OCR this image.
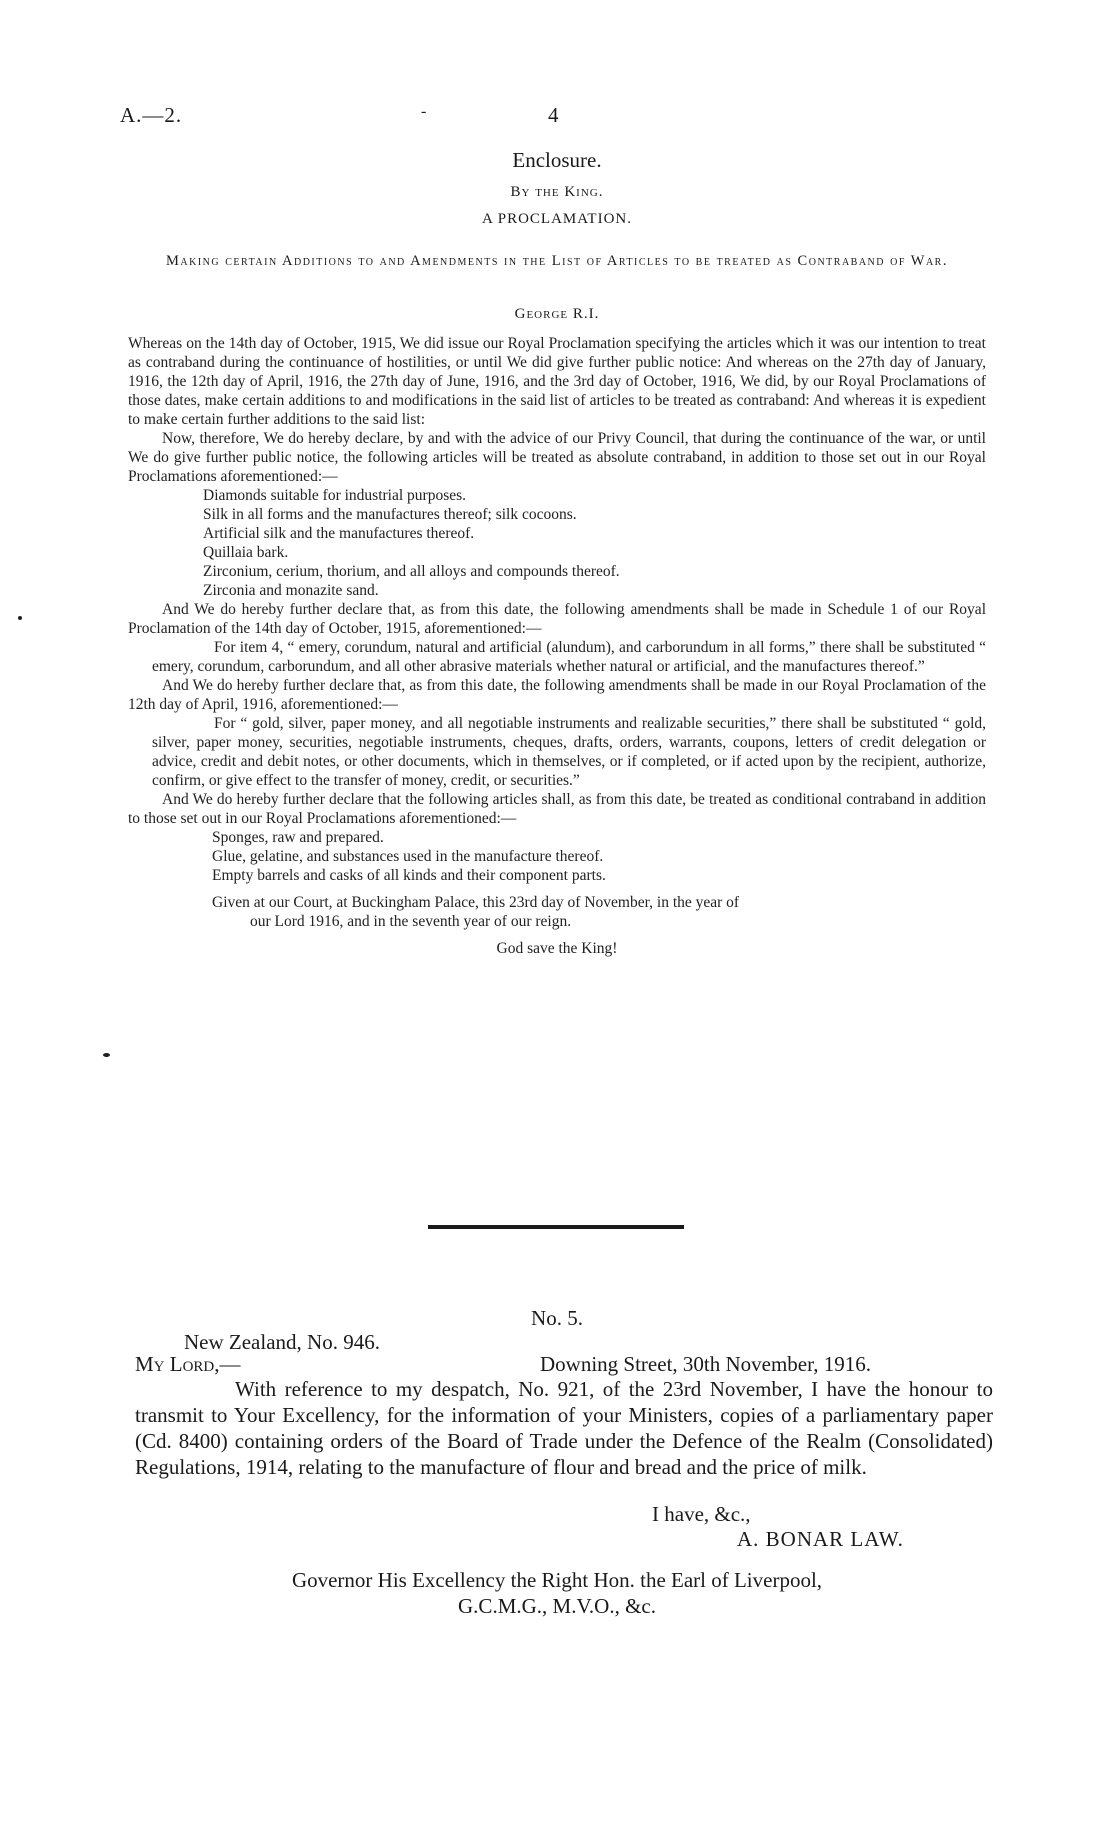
A.—2.	-	4
Enclosure.
By the King.
A PROCLAMATION.
Making certain Additions to and Amendments in the List of Articles to be treated as Contraband of War.
George R.I.

Whereas on the 14th day of October, 1915, We did issue our Royal Proclamation specifying the articles which it was our intention to treat as contraband during the continuance of hostilities, or until We did give further public notice: And whereas on the 27th day of January, 1916, the 12th day of April, 1916, the 27th day of June, 1916, and the 3rd day of October, 1916, We did, by our Royal Proclamations of those dates, make certain additions to and modifications in the said list of articles to be treated as contraband: And whereas it is expedient to make certain further additions to the said list:

Now, therefore, We do hereby declare, by and with the advice of our Privy Council, that during the continuance of the war, or until We do give further public notice, the following articles will be treated as absolute contraband, in addition to those set out in our Royal Proclamations aforementioned:—

Diamonds suitable for industrial purposes.
Silk in all forms and the manufactures thereof; silk cocoons.
Artificial silk and the manufactures thereof.
Quillaia bark.
Zirconium, cerium, thorium, and all alloys and compounds thereof.
Zirconia and monazite sand.

And We do hereby further declare that, as from this date, the following amendments shall be made in Schedule 1 of our Royal Proclamation of the 14th day of October, 1915, aforementioned:—

For item 4, “ emery, corundum, natural and artificial (alundum), and carborundum in all forms,” there shall be substituted “ emery, corundum, carborundum, and all other abrasive materials whether natural or artificial, and the manufactures thereof.”

And We do hereby further declare that, as from this date, the following amendments shall be made in our Royal Proclamation of the 12th day of April, 1916, aforementioned:—

For “ gold, silver, paper money, and all negotiable instruments and realizable securities,” there shall be substituted “ gold, silver, paper money, securities, negotiable instruments, cheques, drafts, orders, warrants, coupons, letters of credit delegation or advice, credit and debit notes, or other documents, which in themselves, or if completed, or if acted upon by the recipient, authorize, confirm, or give effect to the transfer of money, credit, or securities.”

And We do hereby further declare that the following articles shall, as from this date, be treated as conditional contraband in addition to those set out in our Royal Proclamations aforementioned:—

Sponges, raw and prepared.
Glue, gelatine, and substances used in the manufacture thereof.
Empty barrels and casks of all kinds and their component parts.

Given at our Court, at Buckingham Palace, this 23rd day of November, in the year of
our Lord 1916, and in the seventh year of our reign.

God save the King!
No. 5.
New Zealand, No. 946.
My Lord,—	Downing Street, 30th November, 1916.

With reference to my despatch, No. 921, of the 23rd November, I have the honour to transmit to Your Excellency, for the information of your Ministers, copies of a parliamentary paper (Cd. 8400) containing orders of the Board of Trade under the Defence of the Realm (Consolidated) Regulations, 1914, relating to the manufacture of flour and bread and the price of milk.

I have, &c.,
A. BONAR LAW.
Governor His Excellency the Right Hon. the Earl of Liverpool,
G.C.M.G., M.V.O., &c.
